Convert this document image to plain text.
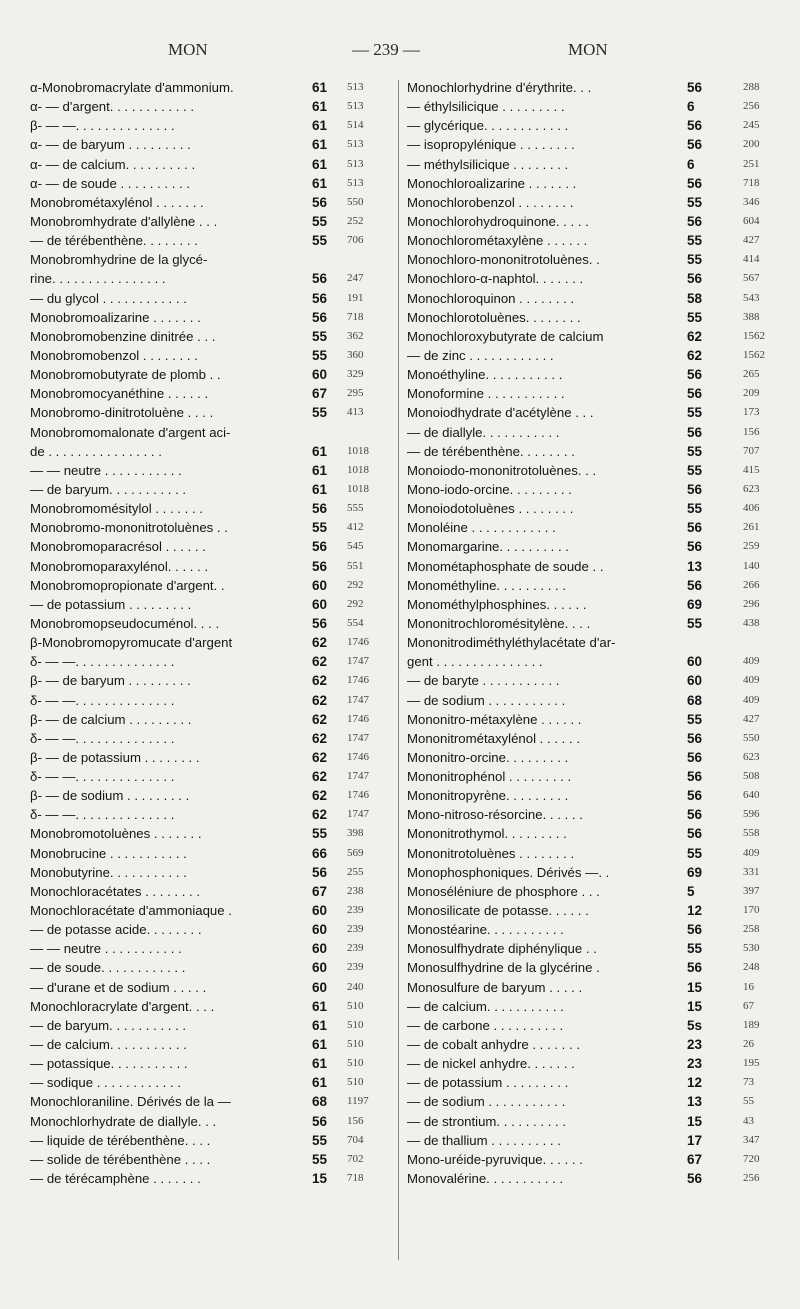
MON	— 239 —	MON
α-Monobromacrylate d'ammonium.	61 513
α- — d'argent. . . . . . . . . . . .	61 513
β- — —. . . . . . . . . . . . . .	61 514
α- — de baryum . . . . . . . . .	61 513
α- — de calcium. . . . . . . . . .	61 513
α- — de soude . . . . . . . . . .	61 513
Monobrométaxylénol . . . . . . .	56 550
Monobromhydrate d'allylène . . .	55 252
— de térébenthène. . . . . . . .	55 706
Monobromhydrine de la glycé-
rine. . . . . . . . . . . . . . . .	56 247
— du glycol . . . . . . . . . . . .	56 191
Monobromoalizarine . . . . . . .	56 718
Monobromobenzine dinitrée . . .	55 362
Monobromobenzol . . . . . . . .	55 360
Monobromobutyrate de plomb . .	60 329
Monobromocyanéthine . . . . . .	67 295
Monobromo-dinitrotoluène . . . .	55 413
Monobromomalonate d'argent aci-
de . . . . . . . . . . . . . . . .	61 1018
— — neutre . . . . . . . . . . .	61 1018
— de baryum. . . . . . . . . . .	61 1018
Monobromomésitylol . . . . . . .	56 555
Monobromo-mononitrotoluènes . .	55 412
Monobromoparacrésol . . . . . .	56 545
Monobromoparaxylénol. . . . . .	56 551
Monobromopropionate d'argent. .	60 292
— de potassium . . . . . . . . .	60 292
Monobromopseudocuménol. . . .	56 554
β-Monobromopyromucate d'argent	62 1746
δ- — —. . . . . . . . . . . . . .	62 1747
β- — de baryum . . . . . . . . .	62 1746
δ- — —. . . . . . . . . . . . . .	62 1747
β- — de calcium . . . . . . . . .	62 1746
δ- — —. . . . . . . . . . . . . .	62 1747
β- — de potassium . . . . . . . .	62 1746
δ- — —. . . . . . . . . . . . . .	62 1747
β- — de sodium . . . . . . . . .	62 1746
δ- — —. . . . . . . . . . . . . .	62 1747
Monobromotoluènes . . . . . . .	55 398
Monobrucine . . . . . . . . . . .	66 569
Monobutyrine. . . . . . . . . . .	56 255
Monochloracétates . . . . . . . .	67 238
Monochloracétate d'ammoniaque .	60 239
— de potasse acide. . . . . . . .	60 239
— — neutre . . . . . . . . . . .	60 239
— de soude. . . . . . . . . . . .	60 239
— d'urane et de sodium . . . . .	60 240
Monochloracrylate d'argent. . . .	61 510
— de baryum. . . . . . . . . . .	61 510
— de calcium. . . . . . . . . . .	61 510
— potassique. . . . . . . . . . .	61 510
— sodique . . . . . . . . . . . .	61 510
Monochloraniline. Dérivés de la —	68 1197
Monochlorhydrate de diallyle. . .	56 156
— liquide de térébenthène. . . .	55 704
— solide de térébenthène . . . .	55 702
— de térécamphène . . . . . . .	15 718
Monochlorhydrine d'érythrite. . .	56	288
— éthylsilicique . . . . . . . . .	6	256
— glycérique. . . . . . . . . . . .	56	245
— isopropylénique . . . . . . . .	56	200
— méthylsilicique . . . . . . . .	6	251
Monochloroalizarine . . . . . . .	56	718
Monochlorobenzol . . . . . . . .	55	346
Monochlorohydroquinone. . . . .	56	604
Monochlorométaxylène . . . . . .	55	427
Monochloro-mononitrotoluènes. .	55	414
Monochloro-α-naphtol. . . . . . .	56	567
Monochloroquinon . . . . . . . .	58	543
Monochlorotoluènes. . . . . . . .	55	388
Monochloroxybutyrate de calcium	62	1562
— de zinc . . . . . . . . . . . .	62	1562
Monoéthyline. . . . . . . . . . .	56	265
Monoformine . . . . . . . . . . .	56	209
Monoiodhydrate d'acétylène . . .	55	173
— de diallyle. . . . . . . . . . .	56	156
— de térébenthène. . . . . . . .	55	707
Monoiodo-mononitrotoluènes. . .	55	415
Mono-iodo-orcine. . . . . . . . .	56	623
Monoiodotoluènes . . . . . . . .	55	406
Monoléine . . . . . . . . . . . .	56	261
Monomargarine. . . . . . . . . .	56	259
Monométaphosphate de soude . .	13	140
Monométhyline. . . . . . . . . .	56	266
Monométhylphosphines. . . . . .	69	296
Mononitrochloromésitylène. . . .	55	438
Mononitrodiméthyléthylacétate d'ar-
gent . . . . . . . . . . . . . . .	60	409
— de baryte . . . . . . . . . . .	60	409
— de sodium . . . . . . . . . . .	68	409
Mononitro-métaxylène . . . . . .	55	427
Mononitrométaxylénol . . . . . .	56	550
Mononitro-orcine. . . . . . . . .	56	623
Mononitrophénol . . . . . . . . .	56	508
Mononitropyrène. . . . . . . . .	56	640
Mono-nitroso-résorcine. . . . . .	56	596
Mononitrothymol. . . . . . . . .	56	558
Mononitrotoluènes . . . . . . . .	55	409
Monophosphoniques. Dérivés —. .	69	331
Monoséléniure de phosphore . . .	5	397
Monosilicate de potasse. . . . . .	12	170
Monostéarine. . . . . . . . . . .	56	258
Monosulfhydrate diphénylique . .	55	530
Monosulfhydrine de la glycérine .	56	248
Monosulfure de baryum . . . . .	15	16
— de calcium. . . . . . . . . . .	15	67
— de carbone . . . . . . . . . .	5s	189
— de cobalt anhydre . . . . . . .	23	26
— de nickel anhydre. . . . . . .	23	195
— de potassium . . . . . . . . .	12	73
— de sodium . . . . . . . . . . .	13	55
— de strontium. . . . . . . . . .	15	43
— de thallium . . . . . . . . . .	17	347
Mono-uréide-pyruvique. . . . . .	67	720
Monovalérine. . . . . . . . . . .	56	256
